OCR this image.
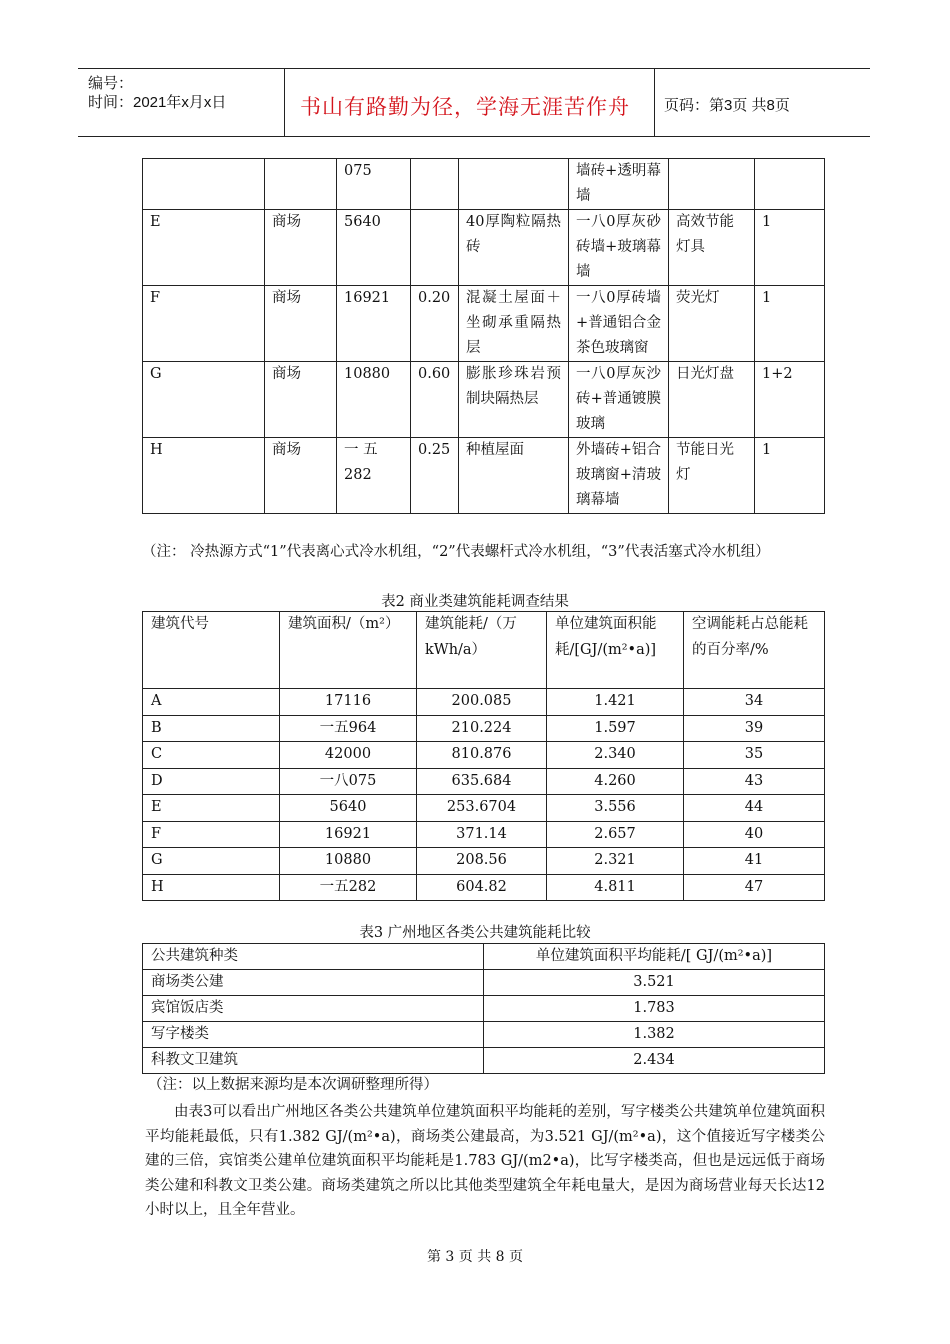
编号：
时间：2021年x月x日	书山有路勤为径，学海无涯苦作舟 页码：第3页 共8页
		075			墙砖+透明幕墙		
E	商场	5640		40厚陶粒隔热砖	一八0厚灰砂砖墙+玻璃幕墙	高效节能灯具	1
F	商场	16921	0.20	混凝土屋面＋坐砌承重隔热层	一八0厚砖墙+普通铝合金茶色玻璃窗	荧光灯	1
G	商场	10880	0.60	膨胀珍珠岩预制块隔热层	一八0厚灰沙砖+普通镀膜玻璃	日光灯盘	1+2
H	商场	一 五282	0.25	种植屋面	外墙砖+铝合玻璃窗+清玻璃幕墙	节能日光灯	1
（注： 冷热源方式“1”代表离心式冷水机组，“2”代表螺杆式冷水机组，“3”代表活塞式冷水机组）
表2 商业类建筑能耗调查结果
建筑代号	建筑面积/（m²）	建筑能耗/（万kWh/a）	单位建筑面积能耗/[GJ/(m²•a)]	空调能耗占总能耗的百分率/%
A	17116	200.085	1.421	34
B	一五964	210.224	1.597	39
C	42000	810.876	2.340	35
D	一八075	635.684	4.260	43
E	5640	253.6704	3.556	44
F	16921	371.14	2.657	40
G	10880	208.56	2.321	41
H	一五282	604.82	4.811	47
表3 广州地区各类公共建筑能耗比较
公共建筑种类	单位建筑面积平均能耗/[ GJ/(m²•a)]
商场类公建	3.521
宾馆饭店类	1.783
写字楼类	1.382
科教文卫建筑	2.434
（注：以上数据来源均是本次调研整理所得）
由表3可以看出广州地区各类公共建筑单位建筑面积平均能耗的差别，写字楼类公共建筑单位建筑面积平均能耗最低，只有1.382 GJ/(m²•a)，商场类公建最高，为3.521 GJ/(m²•a)，这个值接近写字楼类公建的三倍，宾馆类公建单位建筑面积平均能耗是1.783 GJ/(m2•a)，比写字楼类高，但也是远远低于商场类公建和科教文卫类公建。商场类建筑之所以比其他类型建筑全年耗电量大，是因为商场营业每天长达12小时以上，且全年营业。
第 3 页 共 8 页
